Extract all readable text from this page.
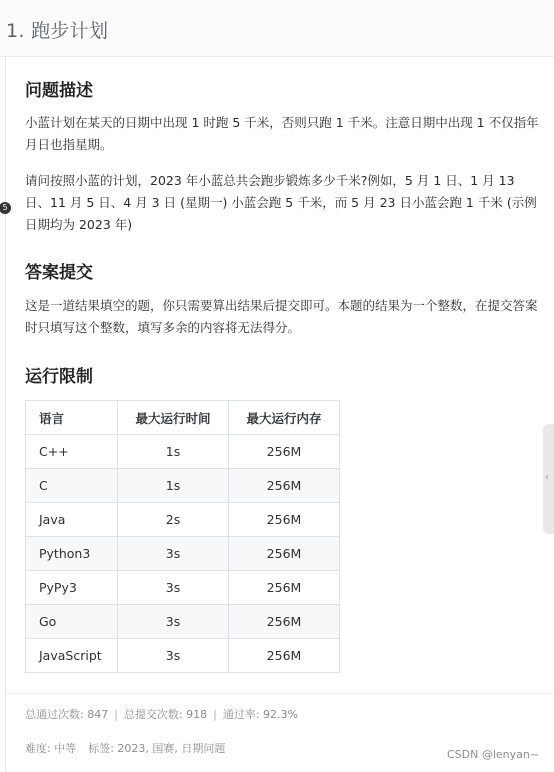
1. 跑步计划
5
问题描述

小蓝计划在某天的日期中出现 1 时跑 5 千米，否则只跑 1 千米。注意日期中出现 1 不仅指年月日也指星期。

请问按照小蓝的计划，2023 年小蓝总共会跑步锻炼多少千米?例如，5 月 1 日、1 月 13 日、11 月 5 日、4 月 3 日 (星期一) 小蓝会跑 5 千米，而 5 月 23 日小蓝会跑 1 千米 (示例日期均为 2023 年)

答案提交

这是一道结果填空的题，你只需要算出结果后提交即可。本题的结果为一个整数，在提交答案时只填写这个整数，填写多余的内容将无法得分。

运行限制
语言	最大运行时间	最大运行内存
C++	1s	256M
C	1s	256M
Java	2s	256M
Python3	3s	256M
PyPy3	3s	256M
Go	3s	256M
JavaScript	3s	256M
‹
总通过次数: 847 | 总提交次数: 918 | 通过率: 92.3%
难度: 中等 标签: 2023, 国赛, 日期问题	CSDN @lenyan~
